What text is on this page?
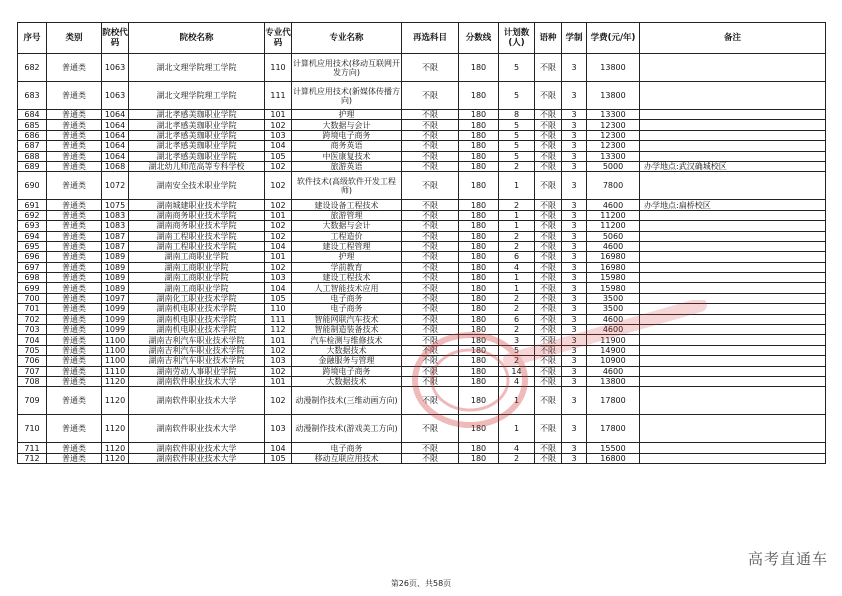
序号	类别	院校代码	院校名称	专业代码	专业名称	再选科目	分数线	计划数(人)	语种	学制	学费(元/年)	备注
682	普通类	1063	湖北文理学院理工学院	110	计算机应用技术(移动互联网开发方向)	不限	180	5	不限	3	13800	
683	普通类	1063	湖北文理学院理工学院	111	计算机应用技术(新媒体传播方向)	不限	180	5	不限	3	13800	
684	普通类	1064	湖北孝感美珈职业学院	101	护理	不限	180	8	不限	3	13300	
685	普通类	1064	湖北孝感美珈职业学院	102	大数据与会计	不限	180	5	不限	3	12300	
686	普通类	1064	湖北孝感美珈职业学院	103	跨境电子商务	不限	180	5	不限	3	12300	
687	普通类	1064	湖北孝感美珈职业学院	104	商务英语	不限	180	5	不限	3	12300	
688	普通类	1064	湖北孝感美珈职业学院	105	中医康复技术	不限	180	5	不限	3	13300	
689	普通类	1068	湖北幼儿师范高等专科学校	102	旅游英语	不限	180	2	不限	3	5000	办学地点:武汉确城校区
690	普通类	1072	湖南安全技术职业学院	102	软件技术(高级软件开发工程师)	不限	180	1	不限	3	7800	
691	普通类	1075	湖南城建职业技术学院	102	建设设备工程技术	不限	180	2	不限	3	4600	办学地点:扁桥校区
692	普通类	1083	湖南商务职业技术学院	101	旅游管理	不限	180	1	不限	3	11200	
693	普通类	1083	湖南商务职业技术学院	102	大数据与会计	不限	180	1	不限	3	11200	
694	普通类	1087	湖南工程职业技术学院	102	工程造价	不限	180	2	不限	3	5060	
695	普通类	1087	湖南工程职业技术学院	104	建设工程管理	不限	180	2	不限	3	4600	
696	普通类	1089	湖南工商职业学院	101	护理	不限	180	6	不限	3	16980	
697	普通类	1089	湖南工商职业学院	102	学前教育	不限	180	4	不限	3	16980	
698	普通类	1089	湖南工商职业学院	103	建设工程技术	不限	180	1	不限	3	15980	
699	普通类	1089	湖南工商职业学院	104	人工智能技术应用	不限	180	1	不限	3	15980	
700	普通类	1097	湖南化工职业技术学院	105	电子商务	不限	180	2	不限	3	3500	
701	普通类	1099	湖南机电职业技术学院	110	电子商务	不限	180	2	不限	3	3500	
702	普通类	1099	湖南机电职业技术学院	111	智能网联汽车技术	不限	180	6	不限	3	4600	
703	普通类	1099	湖南机电职业技术学院	112	智能制造装备技术	不限	180	2	不限	3	4600	
704	普通类	1100	湖南吉利汽车职业技术学院	101	汽车检测与维修技术	不限	180	3	不限	3	11900	
705	普通类	1100	湖南吉利汽车职业技术学院	102	大数据技术	不限	180	5	不限	3	14900	
706	普通类	1100	湖南吉利汽车职业技术学院	103	金融服务与管理	不限	180	2	不限	3	10900	
707	普通类	1110	湖南劳动人事职业学院	102	跨境电子商务	不限	180	14	不限	3	4600	
708	普通类	1120	湖南软件职业技术大学	101	大数据技术	不限	180	4	不限	3	13800	
709	普通类	1120	湖南软件职业技术大学	102	动漫制作技术(三维动画方向)	不限	180	1	不限	3	17800	
710	普通类	1120	湖南软件职业技术大学	103	动漫制作技术(游戏美工方向)	不限	180	1	不限	3	17800	
711	普通类	1120	湖南软件职业技术大学	104	电子商务	不限	180	4	不限	3	15500	
712	普通类	1120	湖南软件职业技术大学	105	移动互联应用技术	不限	180	2	不限	3	16800	
高考直通车
第26页、共58页
